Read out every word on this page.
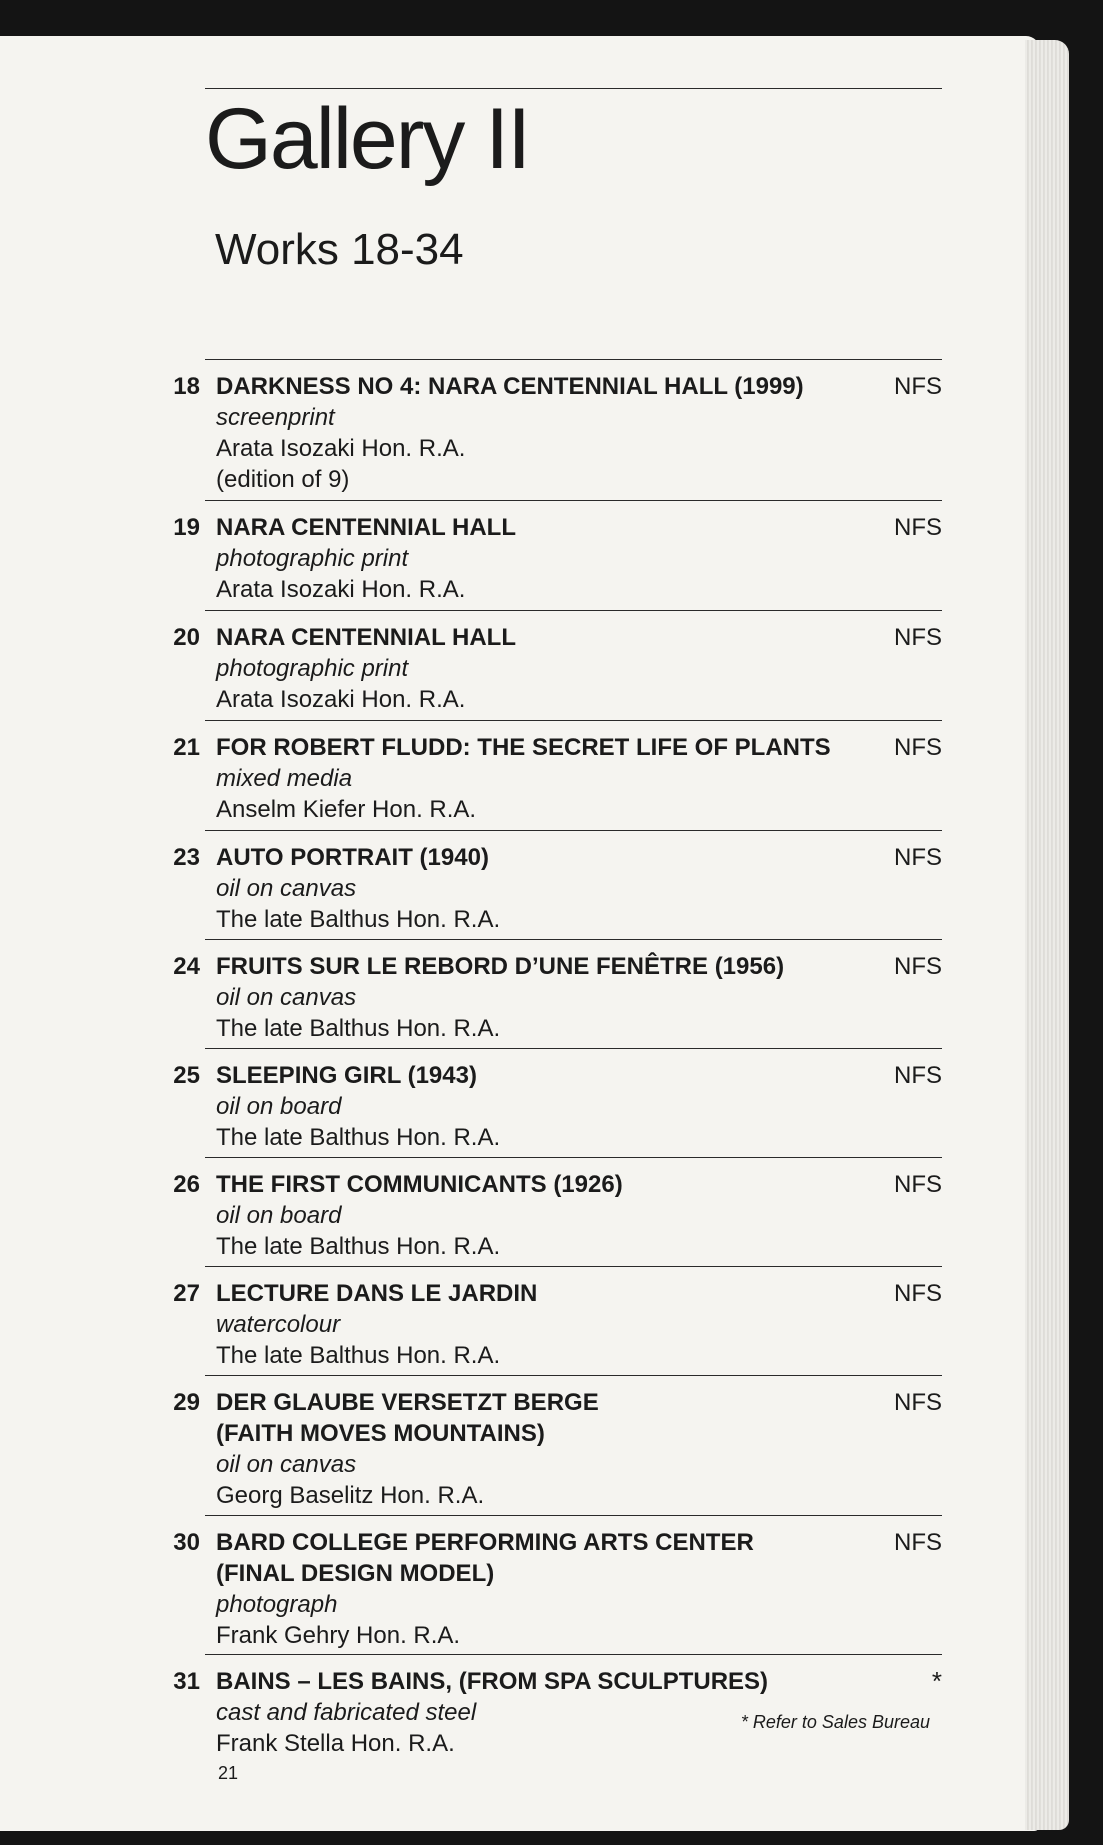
Gallery II
Works 18-34
18 DARKNESS NO 4: NARA CENTENNIAL HALL (1999)
screenprint
Arata Isozaki Hon. R.A.
(edition of 9)
NFS
19 NARA CENTENNIAL HALL
photographic print
Arata Isozaki Hon. R.A.
NFS
20 NARA CENTENNIAL HALL
photographic print
Arata Isozaki Hon. R.A.
NFS
21 FOR ROBERT FLUDD: THE SECRET LIFE OF PLANTS
mixed media
Anselm Kiefer Hon. R.A.
NFS
23 AUTO PORTRAIT (1940)
oil on canvas
The late Balthus Hon. R.A.
NFS
24 FRUITS SUR LE REBORD D’UNE FENÊTRE (1956)
oil on canvas
The late Balthus Hon. R.A.
NFS
25 SLEEPING GIRL (1943)
oil on board
The late Balthus Hon. R.A.
NFS
26 THE FIRST COMMUNICANTS (1926)
oil on board
The late Balthus Hon. R.A.
NFS
27 LECTURE DANS LE JARDIN
watercolour
The late Balthus Hon. R.A.
NFS
29 DER GLAUBE VERSETZT BERGE
(FAITH MOVES MOUNTAINS)
oil on canvas
Georg Baselitz Hon. R.A.
NFS
30 BARD COLLEGE PERFORMING ARTS CENTER
(FINAL DESIGN MODEL)
photograph
Frank Gehry Hon. R.A.
NFS
31 BAINS – LES BAINS, (FROM SPA SCULPTURES)
cast and fabricated steel
Frank Stella Hon. R.A.
*
* Refer to Sales Bureau
21
